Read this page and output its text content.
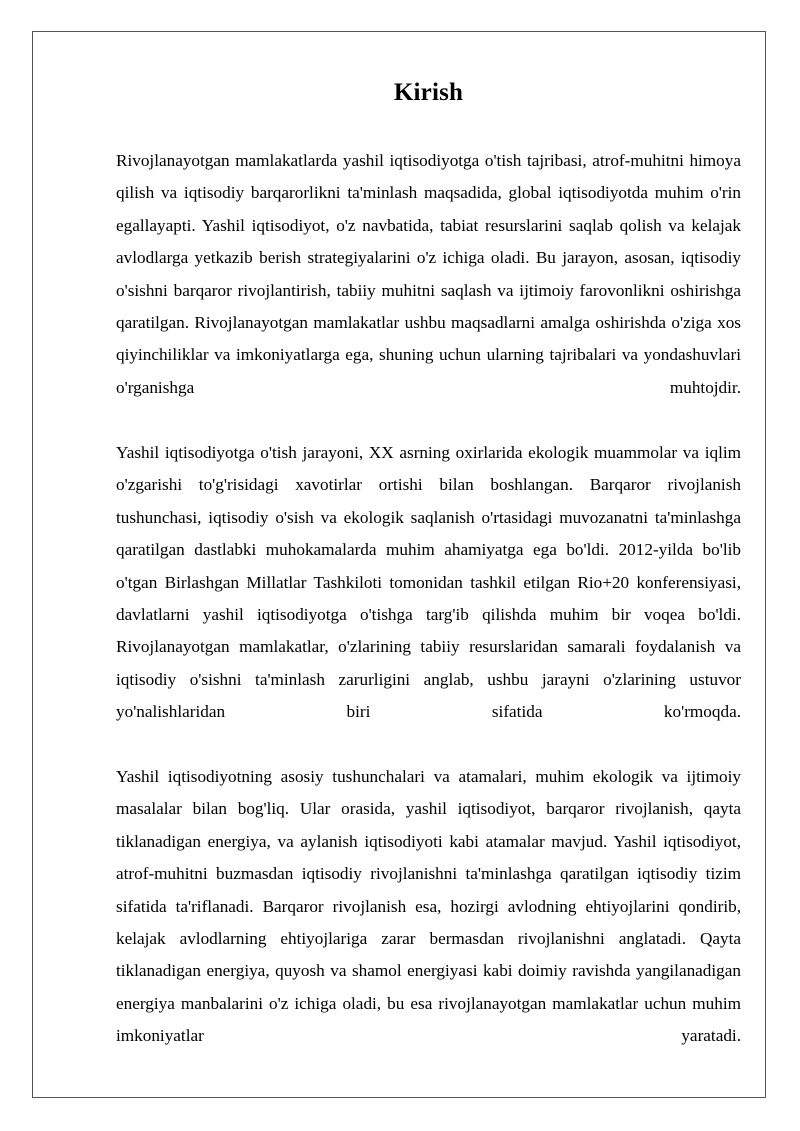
Kirish

Rivojlanayotgan mamlakatlarda yashil iqtisodiyotga o'tish tajribasi, atrof-muhitni himoya qilish va iqtisodiy barqarorlikni ta'minlash maqsadida, global iqtisodiyotda muhim o'rin egallayapti. Yashil iqtisodiyot, o'z navbatida, tabiat resurslarini saqlab qolish va kelajak avlodlarga yetkazib berish strategiyalarini o'z ichiga oladi. Bu jarayon, asosan, iqtisodiy o'sishni barqaror rivojlantirish, tabiiy muhitni saqlash va ijtimoiy farovonlikni oshirishga qaratilgan. Rivojlanayotgan mamlakatlar ushbu maqsadlarni amalga oshirishda o'ziga xos qiyinchiliklar va imkoniyatlarga ega, shuning uchun ularning tajribalari va yondashuvlari o'rganishga muhtojdir.

Yashil iqtisodiyotga o'tish jarayoni, XX asrning oxirlarida ekologik muammolar va iqlim o'zgarishi to'g'risidagi xavotirlar ortishi bilan boshlangan. Barqaror rivojlanish tushunchasi, iqtisodiy o'sish va ekologik saqlanish o'rtasidagi muvozanatni ta'minlashga qaratilgan dastlabki muhokamalarda muhim ahamiyatga ega bo'ldi. 2012-yilda bo'lib o'tgan Birlashgan Millatlar Tashkiloti tomonidan tashkil etilgan Rio+20 konferensiyasi, davlatlarni yashil iqtisodiyotga o'tishga targ'ib qilishda muhim bir voqea bo'ldi. Rivojlanayotgan mamlakatlar, o'zlarining tabiiy resurslaridan samarali foydalanish va iqtisodiy o'sishni ta'minlash zarurligini anglab, ushbu jarayni o'zlarining ustuvor yo'nalishlaridan biri sifatida ko'rmoqda.

Yashil iqtisodiyotning asosiy tushunchalari va atamalari, muhim ekologik va ijtimoiy masalalar bilan bog'liq. Ular orasida, yashil iqtisodiyot, barqaror rivojlanish, qayta tiklanadigan energiya, va aylanish iqtisodiyoti kabi atamalar mavjud. Yashil iqtisodiyot, atrof-muhitni buzmasdan iqtisodiy rivojlanishni ta'minlashga qaratilgan iqtisodiy tizim sifatida ta'riflanadi. Barqaror rivojlanish esa, hozirgi avlodning ehtiyojlarini qondirib, kelajak avlodlarning ehtiyojlariga zarar bermasdan rivojlanishni anglatadi. Qayta tiklanadigan energiya, quyosh va shamol energiyasi kabi doimiy ravishda yangilanadigan energiya manbalarini o'z ichiga oladi, bu esa rivojlanayotgan mamlakatlar uchun muhim imkoniyatlar yaratadi.
